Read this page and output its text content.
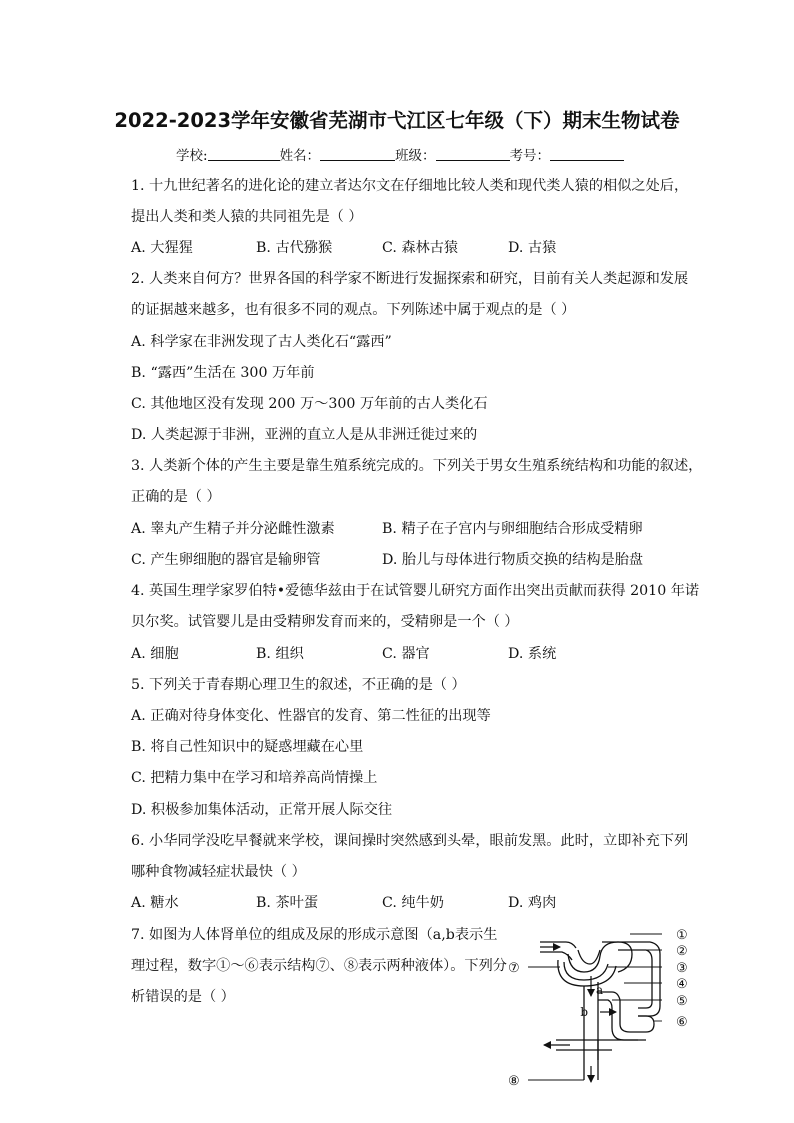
2022-2023学年安徽省芜湖市弋江区七年级（下）期末生物试卷
学校:	姓名：	班级：	考号：
1. 十九世纪著名的进化论的建立者达尔文在仔细地比较人类和现代类人猿的相似之处后，
提出人类和类人猿的共同祖先是（ ）
A. 大猩猩	B. 古代猕猴	C. 森林古猿	D. 古猿
2. 人类来自何方？世界各国的科学家不断进行发掘探索和研究，目前有关人类起源和发展
的证据越来越多，也有很多不同的观点。下列陈述中属于观点的是（ ）
A. 科学家在非洲发现了古人类化石“露西”
B. “露西”生活在 300 万年前
C. 其他地区没有发现 200 万～300 万年前的古人类化石
D. 人类起源于非洲，亚洲的直立人是从非洲迁徙过来的
3. 人类新个体的产生主要是靠生殖系统完成的。下列关于男女生殖系统结构和功能的叙述，
正确的是（ ）
A. 睾丸产生精子并分泌雌性激素	B. 精子在子宫内与卵细胞结合形成受精卵
C. 产生卵细胞的器官是输卵管	D. 胎儿与母体进行物质交换的结构是胎盘
4. 英国生理学家罗伯特•爱德华兹由于在试管婴儿研究方面作出突出贡献而获得 2010 年诺
贝尔奖。试管婴儿是由受精卵发育而来的，受精卵是一个（ ）
A. 细胞	B. 组织	C. 器官	D. 系统
5. 下列关于青春期心理卫生的叙述，不正确的是（ ）
A. 正确对待身体变化、性器官的发育、第二性征的出现等
B. 将自己性知识中的疑惑埋藏在心里
C. 把精力集中在学习和培养高尚情操上
D. 积极参加集体活动，正常开展人际交往
6. 小华同学没吃早餐就来学校，课间操时突然感到头晕，眼前发黑。此时，立即补充下列
哪种食物减轻症状最快（ ）
A. 糖水	B. 茶叶蛋	C. 纯牛奶	D. 鸡肉
7. 如图为人体肾单位的组成及尿的形成示意图（a,b表示生
理过程，数字①～⑥表示结构⑦、⑧表示两种液体）。下列分
析错误的是（ ）
①
②
③
④
⑤
⑥
⑦
⑧
a
b
